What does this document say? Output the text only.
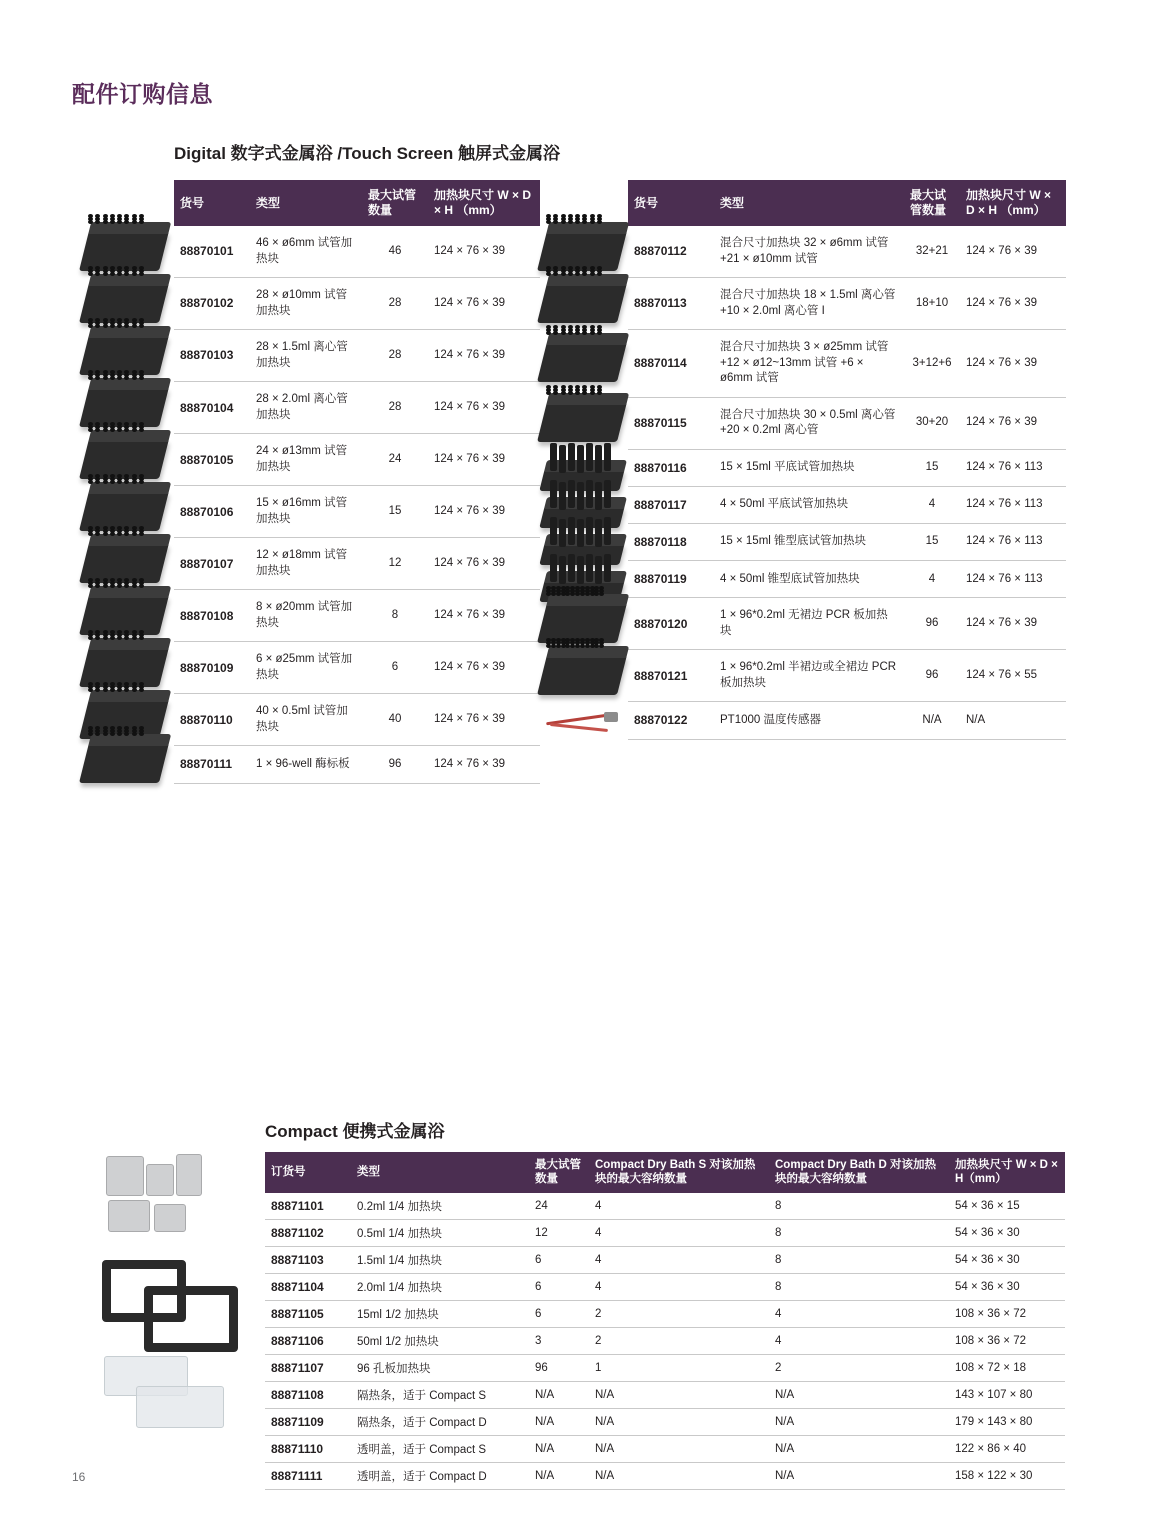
配件订购信息
Digital 数字式金属浴 /Touch Screen 触屏式金属浴
货号	类型	最大试管数量	加热块尺寸 W × D × H （mm）
88870101	46 × ø6mm 试管加热块	46	124 × 76 × 39
88870102	28 × ø10mm 试管加热块	28	124 × 76 × 39
88870103	28 × 1.5ml 离心管加热块	28	124 × 76 × 39
88870104	28 × 2.0ml 离心管加热块	28	124 × 76 × 39
88870105	24 × ø13mm 试管加热块	24	124 × 76 × 39
88870106	15 × ø16mm 试管加热块	15	124 × 76 × 39
88870107	12 × ø18mm 试管加热块	12	124 × 76 × 39
88870108	8 × ø20mm 试管加热块	8	124 × 76 × 39
88870109	6 × ø25mm 试管加热块	6	124 × 76 × 39
88870110	40 × 0.5ml 试管加热块	40	124 × 76 × 39
88870111	1 × 96-well 酶标板	96	124 × 76 × 39
货号	类型	最大试管数量	加热块尺寸 W × D × H （mm）
88870112	混合尺寸加热块 32 × ø6mm 试管 +21 × ø10mm 试管	32+21	124 × 76 × 39
88870113	混合尺寸加热块 18 × 1.5ml 离心管 +10 × 2.0ml 离心管 I	18+10	124 × 76 × 39
88870114	混合尺寸加热块 3 × ø25mm 试管 +12 × ø12~13mm 试管 +6 × ø6mm 试管	3+12+6	124 × 76 × 39
88870115	混合尺寸加热块 30 × 0.5ml 离心管 +20 × 0.2ml 离心管	30+20	124 × 76 × 39
88870116	15 × 15ml 平底试管加热块	15	124 × 76 × 113
88870117	4 × 50ml 平底试管加热块	4	124 × 76 × 113
88870118	15 × 15ml 锥型底试管加热块	15	124 × 76 × 113
88870119	4 × 50ml 锥型底试管加热块	4	124 × 76 × 113
88870120	1 × 96*0.2ml 无裙边 PCR 板加热块	96	124 × 76 × 39
88870121	1 × 96*0.2ml 半裙边或全裙边 PCR 板加热块	96	124 × 76 × 55
88870122	PT1000 温度传感器	N/A	N/A
Compact 便携式金属浴
订货号	类型	最大试管数量	Compact Dry Bath S 对该加热块的最大容纳数量	Compact Dry Bath D 对该加热块的最大容纳数量	加热块尺寸 W × D × H（mm）
88871101	0.2ml 1/4 加热块	24	4	8	54 × 36 × 15
88871102	0.5ml 1/4 加热块	12	4	8	54 × 36 × 30
88871103	1.5ml 1/4 加热块	6	4	8	54 × 36 × 30
88871104	2.0ml 1/4 加热块	6	4	8	54 × 36 × 30
88871105	15ml 1/2 加热块	6	2	4	108 × 36 × 72
88871106	50ml 1/2 加热块	3	2	4	108 × 36 × 72
88871107	96 孔板加热块	96	1	2	108 × 72 × 18
88871108	隔热条，适于 Compact S	N/A	N/A	N/A	143 × 107 × 80
88871109	隔热条，适于 Compact D	N/A	N/A	N/A	179 × 143 × 80
88871110	透明盖，适于 Compact S	N/A	N/A	N/A	122 × 86 × 40
88871111	透明盖，适于 Compact D	N/A	N/A	N/A	158 × 122 × 30
16
